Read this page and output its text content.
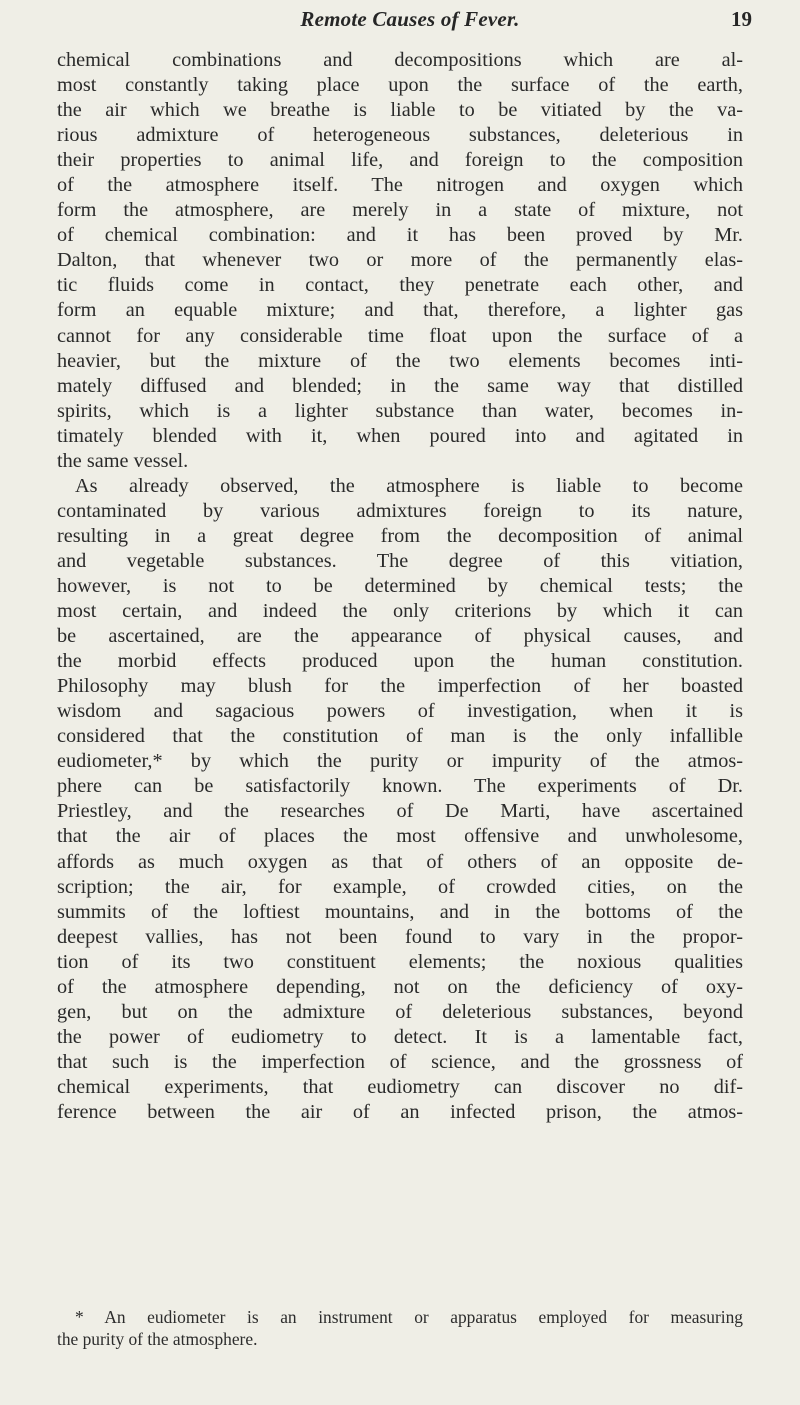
Remote Causes of Fever.	19
chemical combinations and decompositions which are al-
most constantly taking place upon the surface of the earth,
the air which we breathe is liable to be vitiated by the va-
rious admixture of heterogeneous substances, deleterious in
their properties to animal life, and foreign to the composition
of the atmosphere itself. The nitrogen and oxygen which
form the atmosphere, are merely in a state of mixture, not
of chemical combination: and it has been proved by Mr.
Dalton, that whenever two or more of the permanently elas-
tic fluids come in contact, they penetrate each other, and
form an equable mixture; and that, therefore, a lighter gas
cannot for any considerable time float upon the surface of a
heavier, but the mixture of the two elements becomes inti-
mately diffused and blended; in the same way that distilled
spirits, which is a lighter substance than water, becomes in-
timately blended with it, when poured into and agitated in
the same vessel.
As already observed, the atmosphere is liable to become
contaminated by various admixtures foreign to its nature,
resulting in a great degree from the decomposition of animal
and vegetable substances. The degree of this vitiation,
however, is not to be determined by chemical tests; the
most certain, and indeed the only criterions by which it can
be ascertained, are the appearance of physical causes, and
the morbid effects produced upon the human constitution.
Philosophy may blush for the imperfection of her boasted
wisdom and sagacious powers of investigation, when it is
considered that the constitution of man is the only infallible
eudiometer,* by which the purity or impurity of the atmos-
phere can be satisfactorily known. The experiments of Dr.
Priestley, and the researches of De Marti, have ascertained
that the air of places the most offensive and unwholesome,
affords as much oxygen as that of others of an opposite de-
scription; the air, for example, of crowded cities, on the
summits of the loftiest mountains, and in the bottoms of the
deepest vallies, has not been found to vary in the propor-
tion of its two constituent elements; the noxious qualities
of the atmosphere depending, not on the deficiency of oxy-
gen, but on the admixture of deleterious substances, beyond
the power of eudiometry to detect. It is a lamentable fact,
that such is the imperfection of science, and the grossness of
chemical experiments, that eudiometry can discover no dif-
ference between the air of an infected prison, the atmos-
* An eudiometer is an instrument or apparatus employed for measuring
the purity of the atmosphere.
